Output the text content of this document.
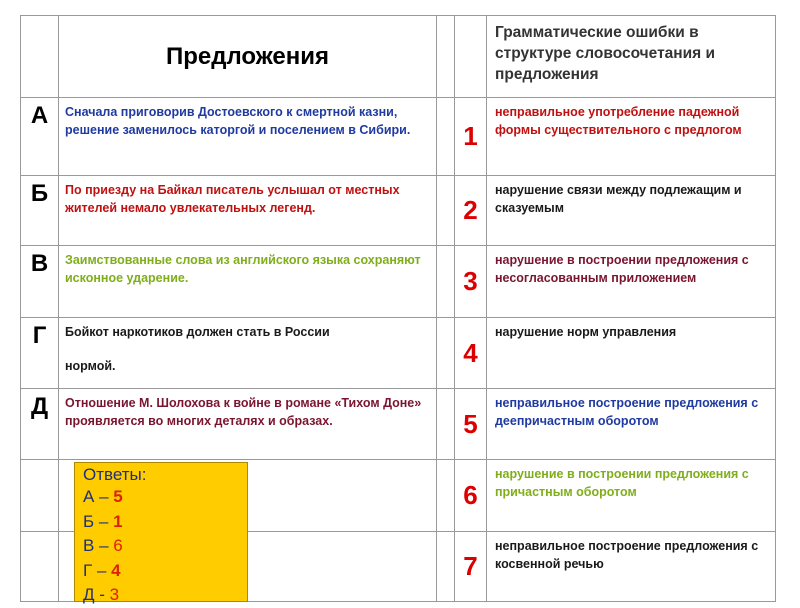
	Предложения			Грамматические ошибки в структуре словосочетания и предложения
А	Сначала приговорив Достоевского к смертной казни, решение заменилось каторгой и поселением в Сибири.		1	неправильное употребление падежной формы существительного с предлогом
Б	По приезду на Байкал писатель услышал от местных жителей немало увлекательных легенд.		2	нарушение связи между подлежащим и сказуемым
В	Заимствованные слова из английского языка сохраняют исконное ударение.		3	нарушение в построении предложения с несогласованным приложением
Г	Бойкот наркотиков должен стать в России
нормой.		4	нарушение норм управления
Д	Отношение М. Шолохова к войне в романе «Тихом Доне» проявляется во многих деталях и образах.		5	неправильное построение предложения с деепричастным оборотом
			6	нарушение в построении предложения с причастным оборотом
			7	неправильное построение предложения с косвенной речью
Ответы:
А – 5
Б – 1
В – 6
Г – 4
Д - 3
